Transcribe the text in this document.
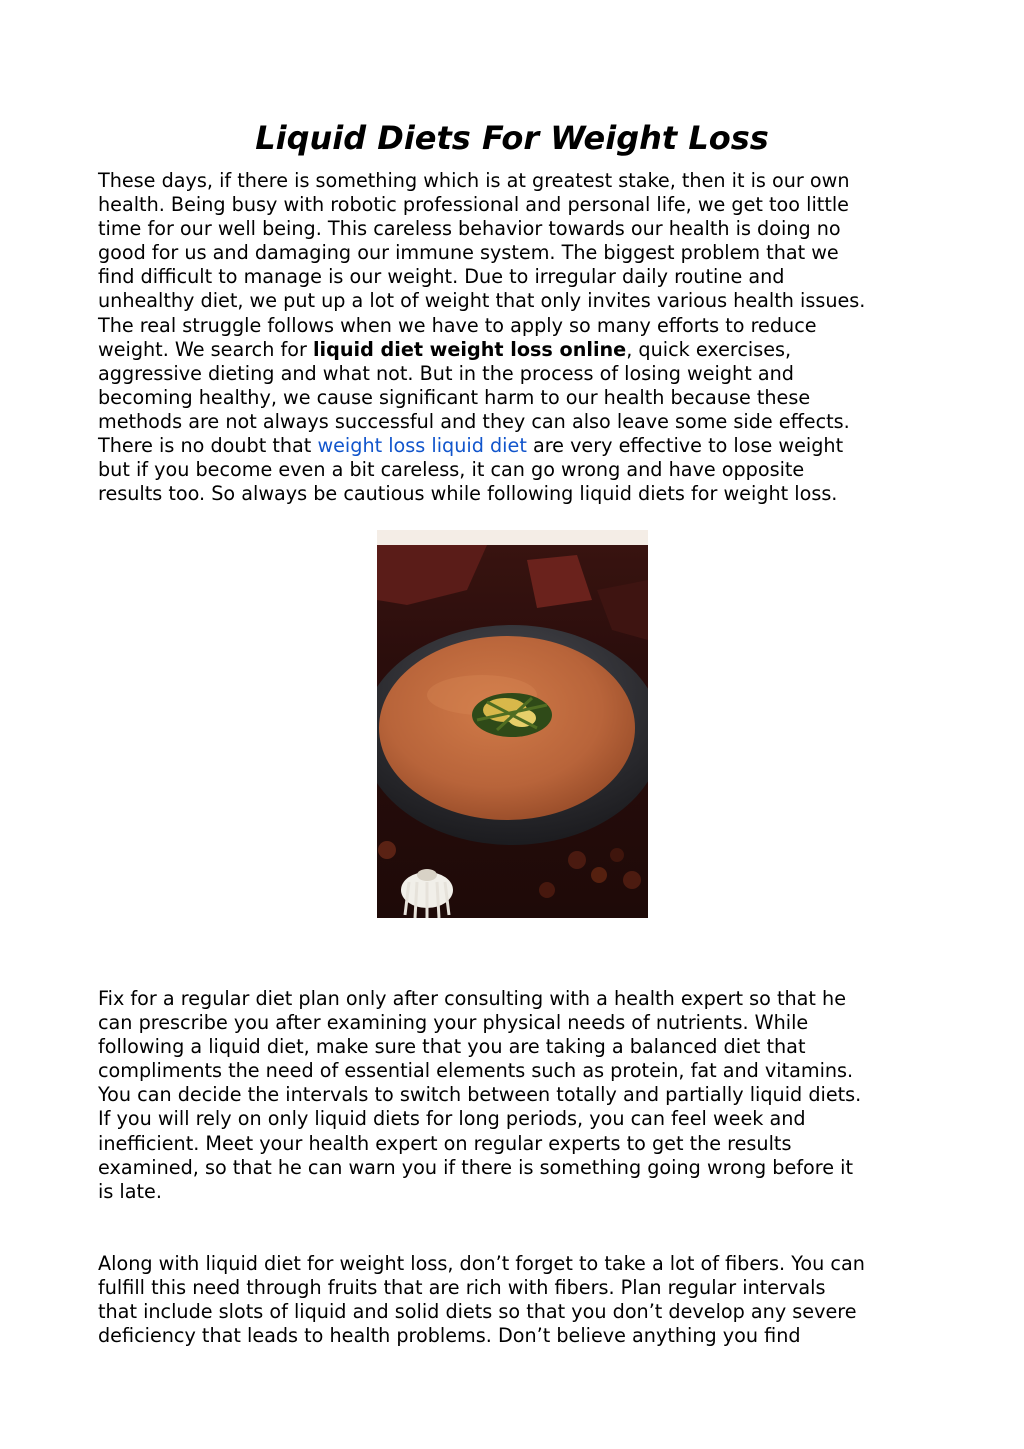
Liquid Diets For Weight Loss

These days, if there is something which is at greatest stake, then it is our own
health. Being busy with robotic professional and personal life, we get too little
time for our well being. This careless behavior towards our health is doing no
good for us and damaging our immune system. The biggest problem that we
find difficult to manage is our weight. Due to irregular daily routine and
unhealthy diet, we put up a lot of weight that only invites various health issues.
The real struggle follows when we have to apply so many efforts to reduce
weight. We search for liquid diet weight loss online, quick exercises,
aggressive dieting and what not. But in the process of losing weight and
becoming healthy, we cause significant harm to our health because these
methods are not always successful and they can also leave some side effects.
There is no doubt that weight loss liquid diet are very effective to lose weight
but if you become even a bit careless, it can go wrong and have opposite
results too. So always be cautious while following liquid diets for weight loss.

Fix for a regular diet plan only after consulting with a health expert so that he
can prescribe you after examining your physical needs of nutrients. While
following a liquid diet, make sure that you are taking a balanced diet that
compliments the need of essential elements such as protein, fat and vitamins.
You can decide the intervals to switch between totally and partially liquid diets.
If you will rely on only liquid diets for long periods, you can feel week and
inefficient. Meet your health expert on regular experts to get the results
examined, so that he can warn you if there is something going wrong before it
is late.

Along with liquid diet for weight loss, don’t forget to take a lot of fibers. You can
fulfill this need through fruits that are rich with fibers. Plan regular intervals
that include slots of liquid and solid diets so that you don’t develop any severe
deficiency that leads to health problems. Don’t believe anything you find
